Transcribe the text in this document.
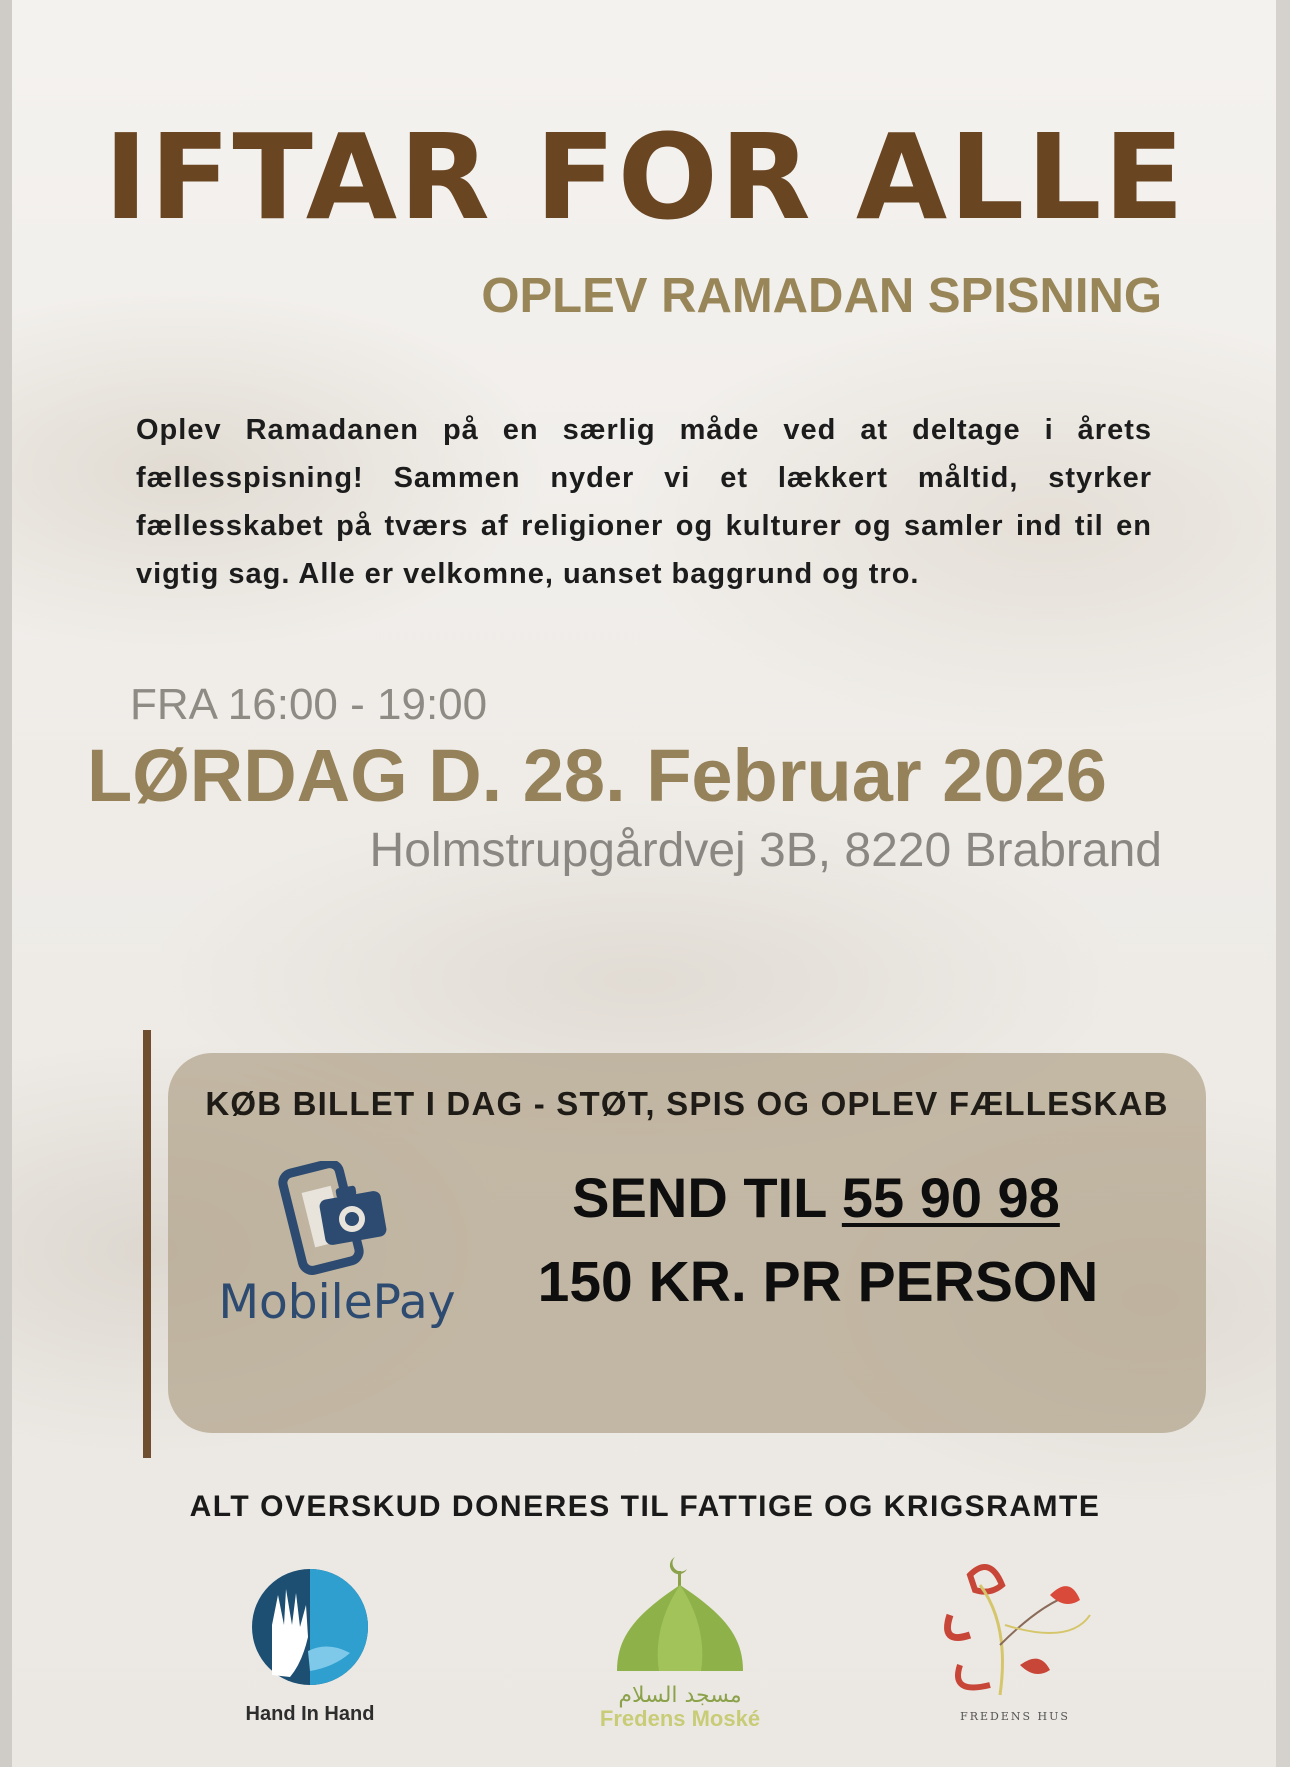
IFTAR FOR ALLE
OPLEV RAMADAN SPISNING
Oplev Ramadanen på en særlig måde ved at deltage i årets fællesspisning! Sammen nyder vi et lækkert måltid, styrker fællesskabet på tværs af religioner og kulturer og samler ind til en vigtig sag. Alle er velkomne, uanset baggrund og tro.
FRA 16:00 - 19:00
LØRDAG D. 28. Februar 2026
Holmstrupgårdvej 3B, 8220 Brabrand
KØB BILLET I DAG - STØT, SPIS OG OPLEV FÆLLESKAB
MobilePay
SEND TIL 55 90 98
150 KR. PR PERSON
ALT OVERSKUD DONERES TIL FATTIGE OG KRIGSRAMTE
Hand In Hand
مسجد السلام
Fredens Moské	FREDENS HUS
